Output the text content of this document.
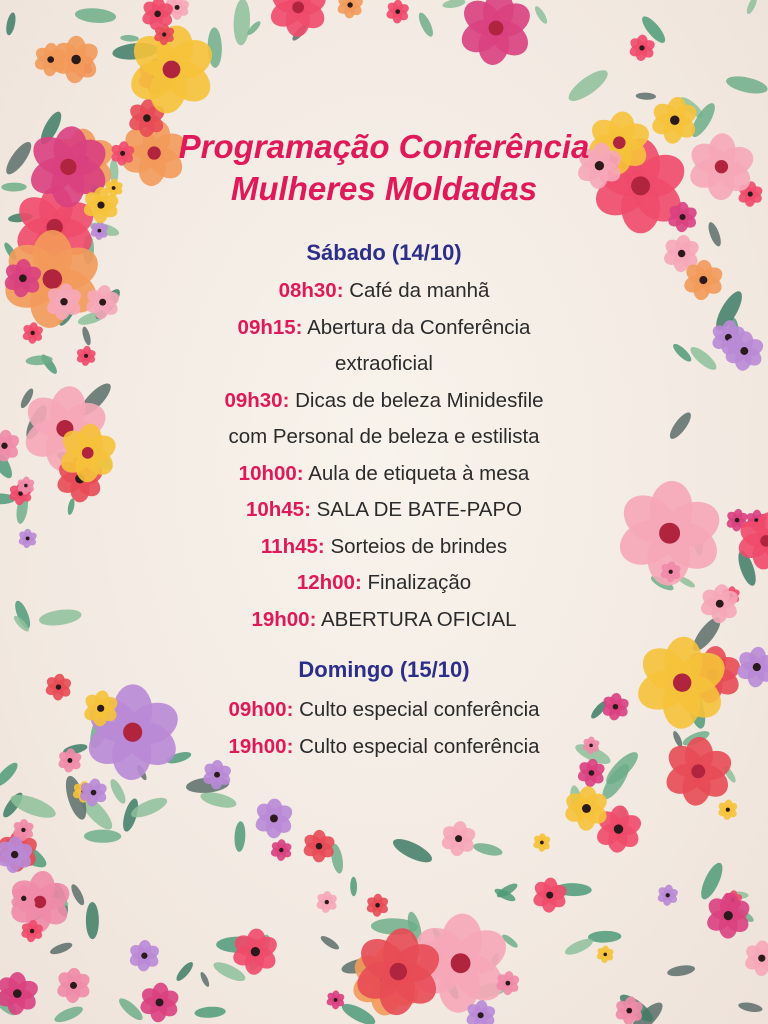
Programação Conferência
Mulheres Moldadas
Sábado (14/10)
08h30: Café da manhã
09h15: Abertura da Conferência
extraoficial
09h30: Dicas de beleza Minidesfile
com Personal de beleza e estilista
10h00: Aula de etiqueta à mesa
10h45: SALA DE BATE-PAPO
11h45: Sorteios de brindes
12h00: Finalização
19h00: ABERTURA OFICIAL
Domingo (15/10)
09h00: Culto especial conferência
19h00: Culto especial conferência
